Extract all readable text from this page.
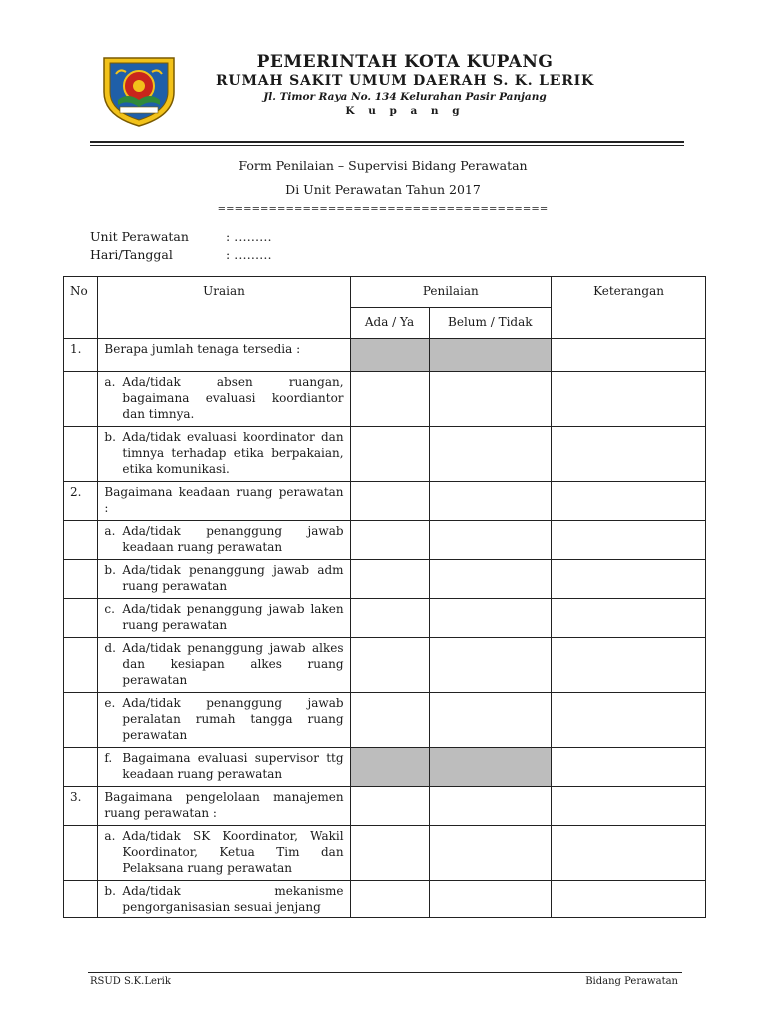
PEMERINTAH KOTA KUPANG
RUMAH SAKIT UMUM DAERAH S. K. LERIK
Jl. Timor Raya No. 134 Kelurahan Pasir Panjang
K u p a n g
Form Penilaian – Supervisi Bidang Perawatan
Di Unit Perawatan Tahun 2017
=======================================
Unit Perawatan	: ………
Hari/Tanggal	: ………
No	Uraian	Penilaian		Keterangan
		Ada / Ya	Belum / Tidak	
1.	Berapa jumlah tenaga tersedia :			

	a. Ada/tidak absen ruangan, bagaimana evaluasi koordiantor dan timnya.			

	b. Ada/tidak evaluasi koordinator dan timnya terhadap etika berpakaian, etika komunikasi.			

2.	Bagaimana keadaan ruang perawatan :			

	a. Ada/tidak penanggung jawab keadaan ruang perawatan			

	b. Ada/tidak penanggung jawab adm ruang perawatan			

	c. Ada/tidak penanggung jawab laken ruang perawatan			

	d. Ada/tidak penanggung jawab alkes dan kesiapan alkes ruang perawatan			

	e. Ada/tidak penanggung jawab peralatan rumah tangga ruang perawatan			

	f. Bagaimana evaluasi supervisor ttg keadaan ruang perawatan			

3.	Bagaimana pengelolaan manajemen ruang perawatan :			

	a. Ada/tidak SK Koordinator, Wakil Koordinator, Ketua Tim dan Pelaksana ruang perawatan			

	b. Ada/tidak mekanisme pengorganisasian sesuai jenjang			

RSUD S.K.Lerik	Bidang Perawatan
